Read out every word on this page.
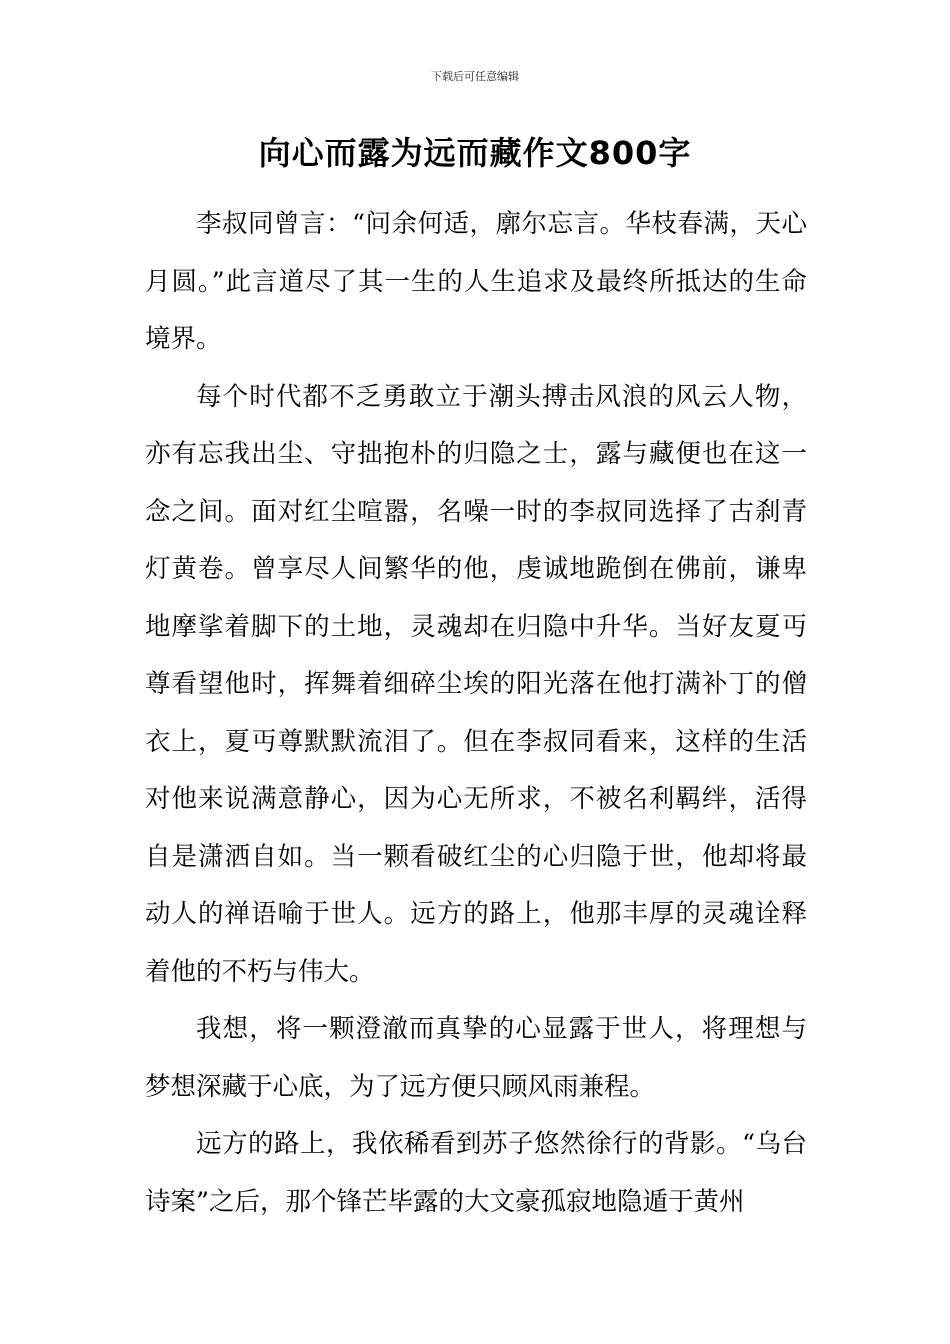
下载后可任意编辑
向心而露为远而藏作文800字

李叔同曾言：“问余何适，廓尔忘言。华枝春满，天心月圆。”此言道尽了其一生的人生追求及最终所抵达的生命境界。

每个时代都不乏勇敢立于潮头搏击风浪的风云人物，亦有忘我出尘、守拙抱朴的归隐之士，露与藏便也在这一念之间。面对红尘喧嚣，名噪一时的李叔同选择了古刹青灯黄卷。曾享尽人间繁华的他，虔诚地跪倒在佛前，谦卑地摩挲着脚下的土地，灵魂却在归隐中升华。当好友夏丏尊看望他时，挥舞着细碎尘埃的阳光落在他打满补丁的僧衣上，夏丏尊默默流泪了。但在李叔同看来，这样的生活对他来说满意静心，因为心无所求，不被名利羁绊，活得自是潇洒自如。当一颗看破红尘的心归隐于世，他却将最动人的禅语喻于世人。远方的路上，他那丰厚的灵魂诠释着他的不朽与伟大。

我想，将一颗澄澈而真挚的心显露于世人，将理想与梦想深藏于心底，为了远方便只顾风雨兼程。

远方的路上，我依稀看到苏子悠然徐行的背影。“乌台诗案”之后，那个锋芒毕露的大文豪孤寂地隐遁于黄州
